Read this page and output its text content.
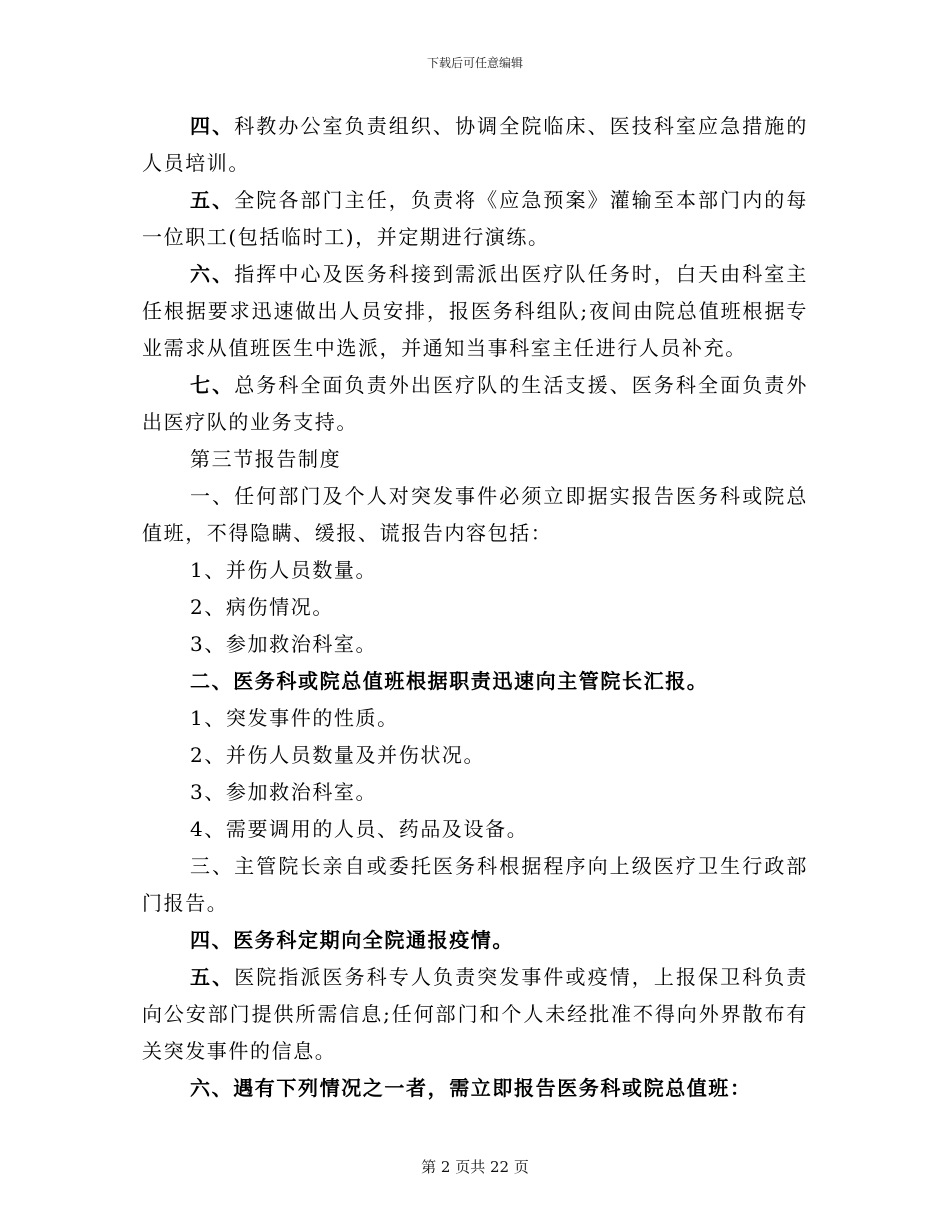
下载后可任意编辑

四、科教办公室负责组织、协调全院临床、医技科室应急措施的人员培训。

五、全院各部门主任，负责将《应急预案》灌输至本部门内的每一位职工(包括临时工)，并定期进行演练。

六、指挥中心及医务科接到需派出医疗队任务时，白天由科室主任根据要求迅速做出人员安排，报医务科组队;夜间由院总值班根据专业需求从值班医生中选派，并通知当事科室主任进行人员补充。

七、总务科全面负责外出医疗队的生活支援、医务科全面负责外出医疗队的业务支持。

第三节报告制度

一、任何部门及个人对突发事件必须立即据实报告医务科或院总值班，不得隐瞒、缓报、谎报告内容包括：

1、并伤人员数量。

2、病伤情况。

3、参加救治科室。

二、医务科或院总值班根据职责迅速向主管院长汇报。

1、突发事件的性质。

2、并伤人员数量及并伤状况。

3、参加救治科室。

4、需要调用的人员、药品及设备。

三、主管院长亲自或委托医务科根据程序向上级医疗卫生行政部门报告。

四、医务科定期向全院通报疫情。

五、医院指派医务科专人负责突发事件或疫情，上报保卫科负责向公安部门提供所需信息;任何部门和个人未经批准不得向外界散布有关突发事件的信息。

六、遇有下列情况之一者，需立即报告医务科或院总值班：

第 2 页共 22 页
